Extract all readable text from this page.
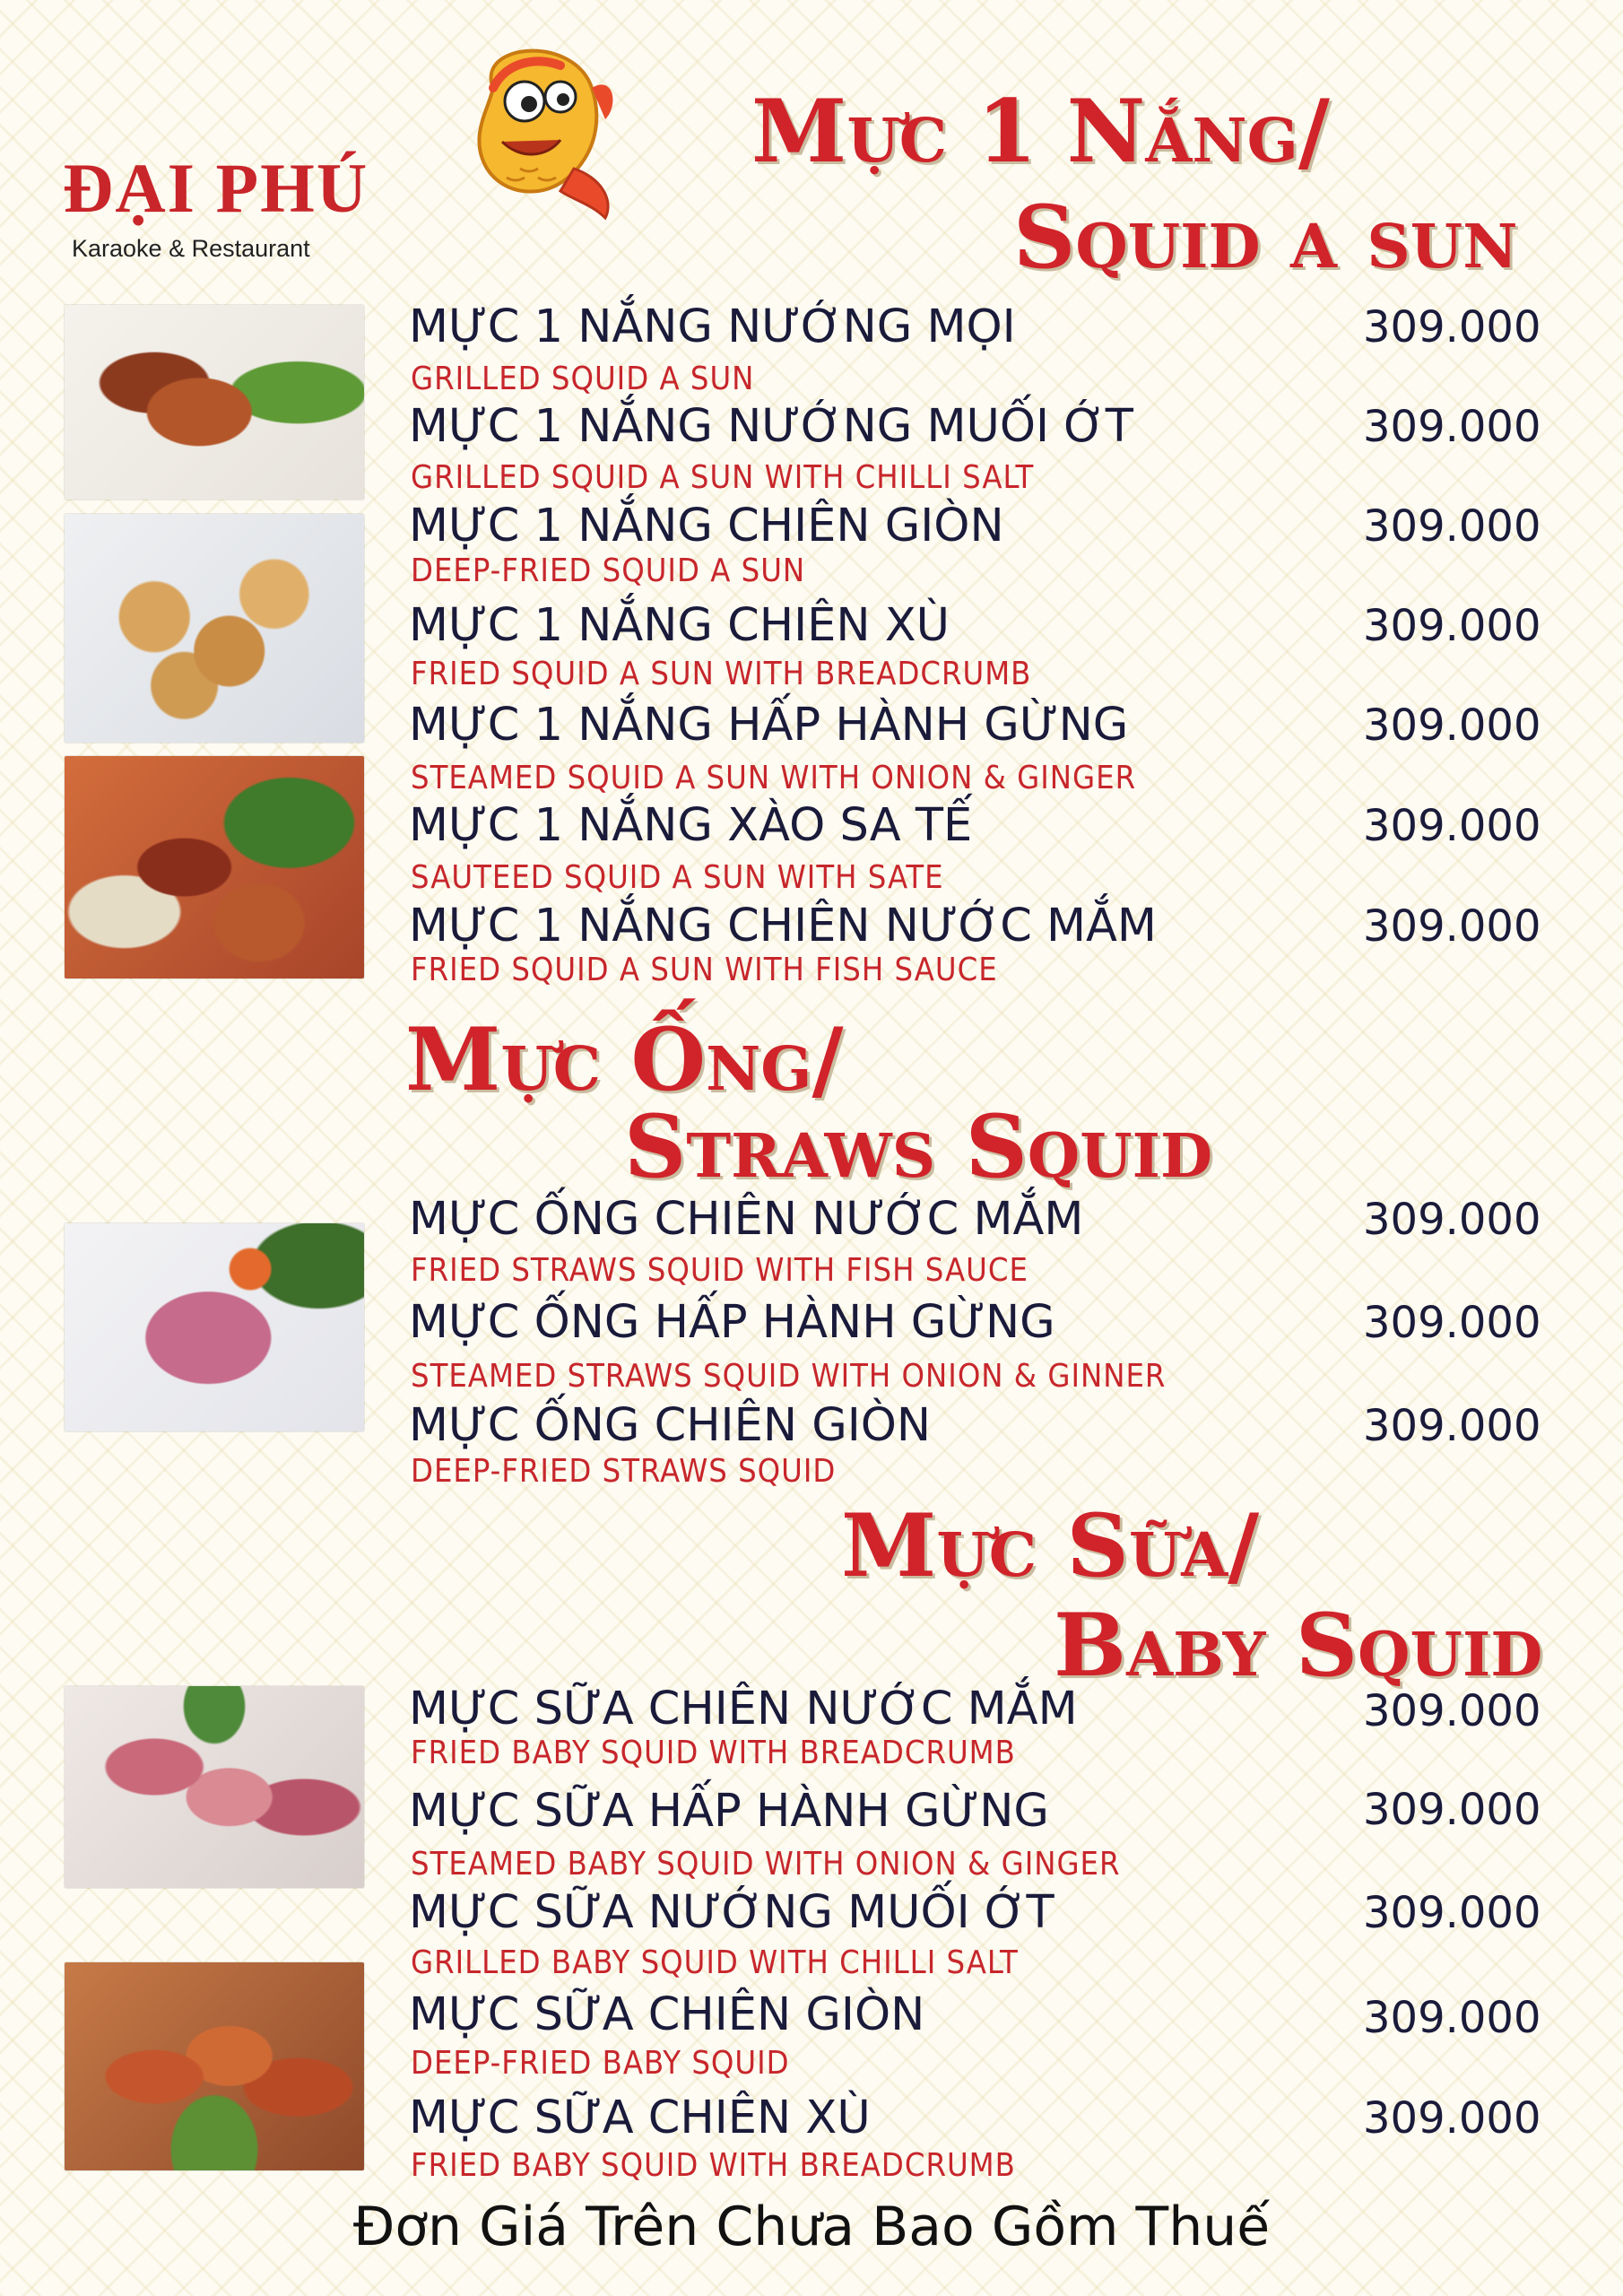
ĐẠI PHÚ
Karaoke & Restaurant
Mực 1 Nắng/
Squid a sun
MỰC 1 NẮNG NƯỚNG MỌI	309.000
GRILLED SQUID A SUN
MỰC 1 NẮNG NƯỚNG MUỐI ỚT	309.000
GRILLED SQUID A SUN WITH CHILLI SALT
MỰC 1 NẮNG CHIÊN GIÒN	309.000
DEEP-FRIED SQUID A SUN
MỰC 1 NẮNG CHIÊN XÙ	309.000
FRIED SQUID A SUN WITH BREADCRUMB
MỰC 1 NẮNG HẤP HÀNH GỪNG	309.000
STEAMED SQUID A SUN WITH ONION & GINGER
MỰC 1 NẮNG XÀO SA TẾ	309.000
SAUTEED SQUID A SUN WITH SATE
MỰC 1 NẮNG CHIÊN NƯỚC MẮM	309.000
FRIED SQUID A SUN WITH FISH SAUCE
Mực Ống/
Straws Squid
MỰC ỐNG CHIÊN NƯỚC MẮM	309.000
FRIED STRAWS SQUID WITH FISH SAUCE
MỰC ỐNG HẤP HÀNH GỪNG	309.000
STEAMED STRAWS SQUID WITH ONION & GINNER
MỰC ỐNG CHIÊN GIÒN	309.000
DEEP-FRIED STRAWS SQUID
Mực Sữa/
Baby Squid
MỰC SỮA CHIÊN NƯỚC MẮM	309.000
FRIED BABY SQUID WITH BREADCRUMB
MỰC SỮA HẤP HÀNH GỪNG	309.000
STEAMED BABY SQUID WITH ONION & GINGER
MỰC SỮA NƯỚNG MUỐI ỚT	309.000
GRILLED BABY SQUID WITH CHILLI SALT
MỰC SỮA CHIÊN GIÒN	309.000
DEEP-FRIED BABY SQUID
MỰC SỮA CHIÊN XÙ	309.000
FRIED BABY SQUID WITH BREADCRUMB
Đơn Giá Trên Chưa Bao Gồm Thuế
